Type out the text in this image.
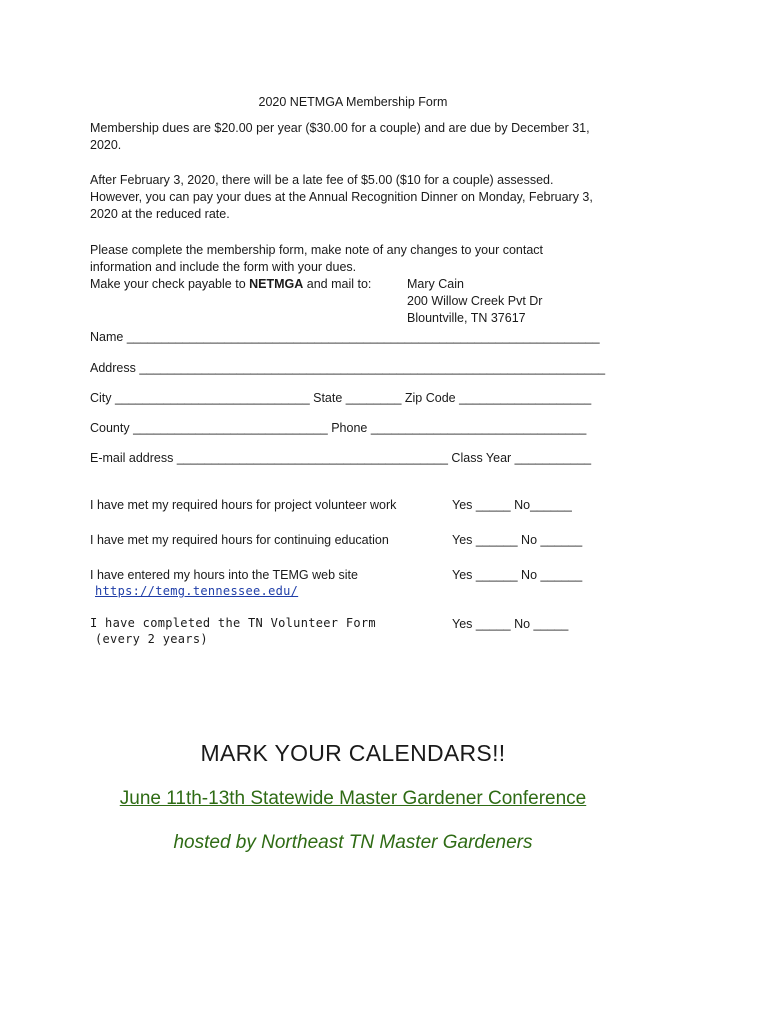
2020 NETMGA Membership Form
Membership dues are $20.00 per year ($30.00 for a couple) and are due by December 31,
2020.
After February 3, 2020, there will be a late fee of $5.00 ($10 for a couple) assessed.
However, you can pay your dues at the Annual Recognition Dinner on Monday, February 3,
2020 at the reduced rate.
Please complete the membership form, make note of any changes to your contact
information and include the form with your dues.
Make your check payable to NETMGA and mail to:	Mary Cain
200 Willow Creek Pvt Dr
Blountville, TN 37617
Name ____________________________________________________________________
Address ___________________________________________________________________
City ____________________________ State ________ Zip Code ___________________
County ____________________________ Phone _______________________________
E-mail address _______________________________________ Class Year ___________
I have met my required hours for project volunteer work	Yes _____ No______
I have met my required hours for continuing education	Yes ______ No ______
I have entered my hours into the TEMG web site	Yes ______ No ______
https://temg.tennessee.edu/
I have completed the TN Volunteer Form
(every 2 years)
Yes _____ No _____
MARK YOUR CALENDARS!!
June 11th-13th Statewide Master Gardener Conference
hosted by Northeast TN Master Gardeners
